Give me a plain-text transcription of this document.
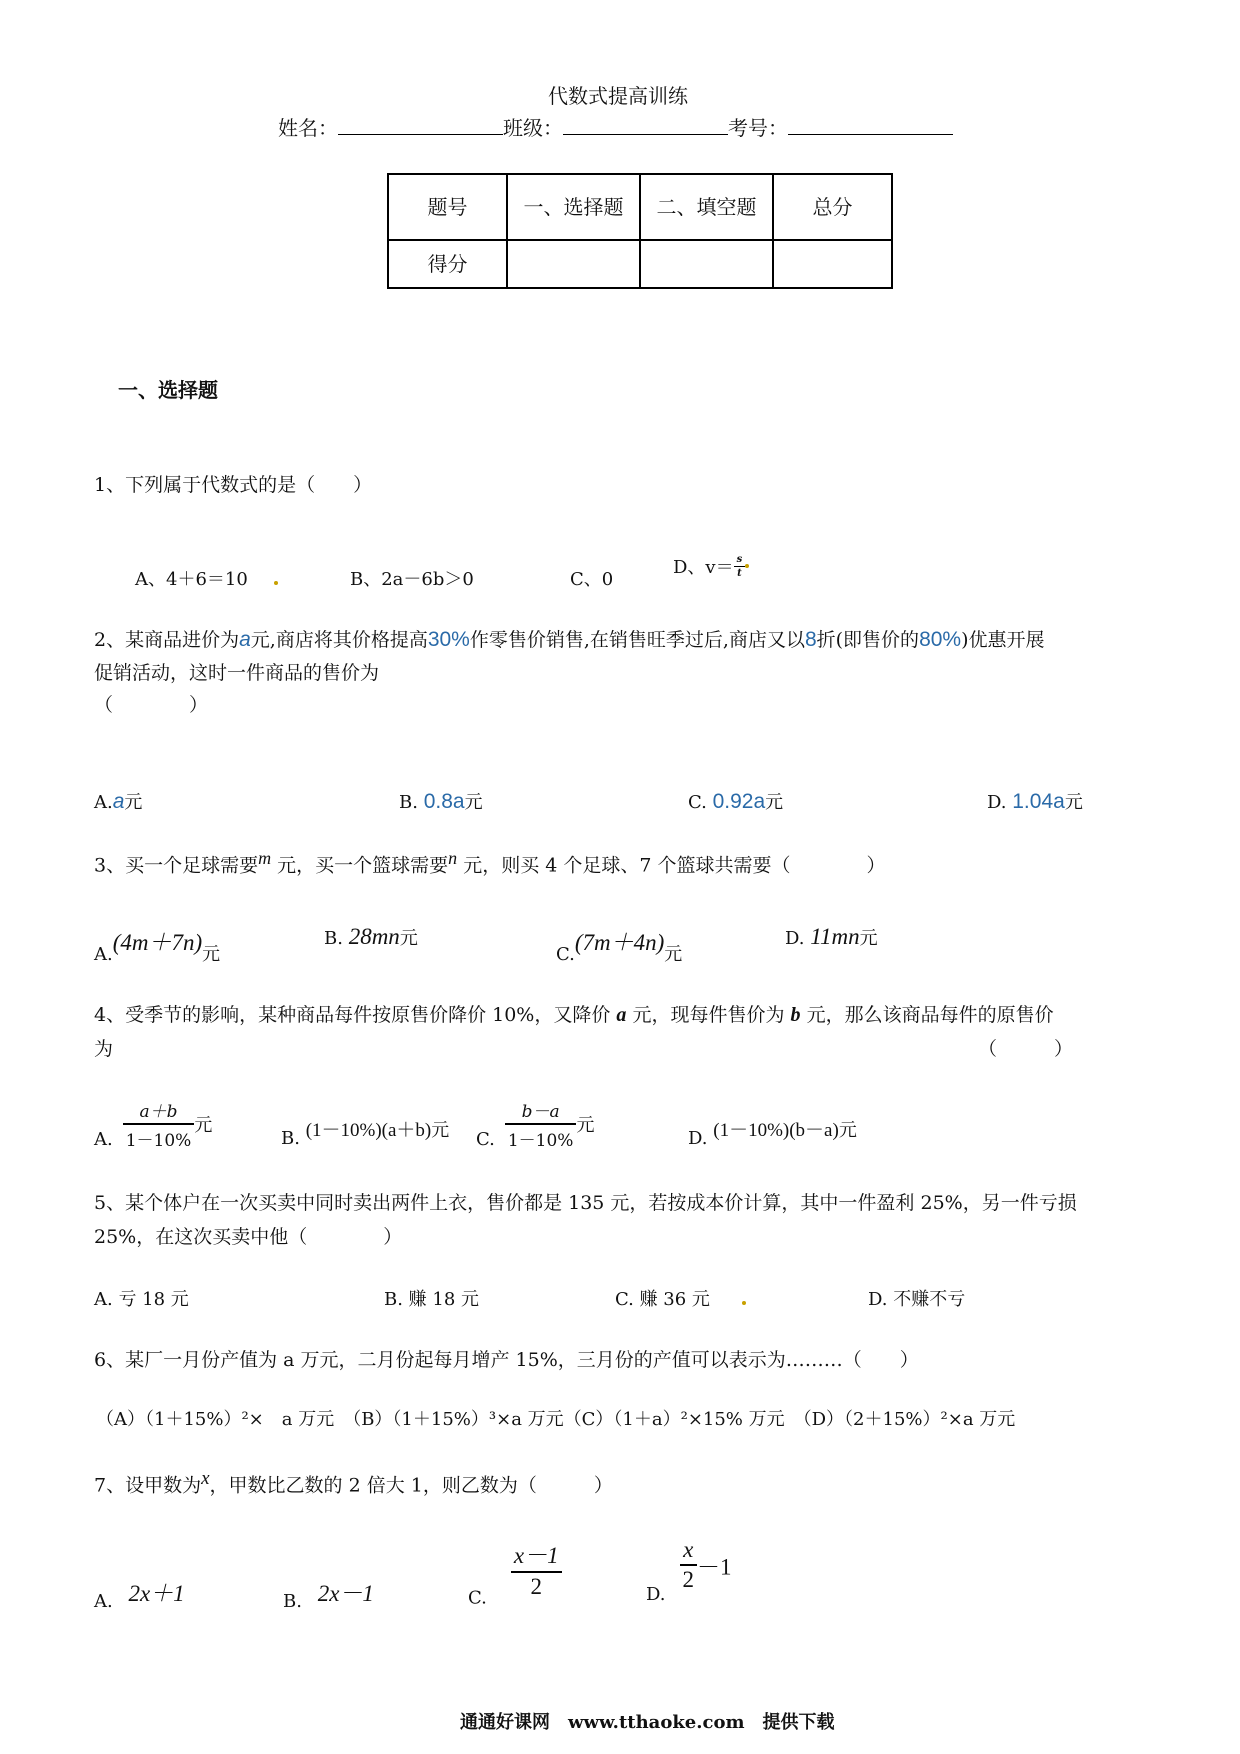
代数式提高训练
姓名：	班级：	考号：
题号	一、选择题	二、填空题	总分
得分			
一、选择题
1、下列属于代数式的是（　　）
A、4＋6＝10	B、2a－6b＞0	C、0
D、$v= \frac{s}{t}$
2、某商品进价为a元,商店将其价格提高30%作零售价销售,在销售旺季过后,商店又以8折(即售价的80%)优惠开展
促销活动，这时一件商品的售价为
（　　　　）
A.a元	B. 0.8a元	C. 0.92a元	D. 1.04a元
3、买一个足球需要m 元，买一个篮球需要n 元，则买 4 个足球、7 个篮球共需要（　　　　）
A.(4m＋7n)元
B. 28mn元
C.(7m＋4n)元
D. 11mn元
4、受季节的影响，某种商品每件按原售价降价 10%，又降价 a 元，现每件售价为 b 元，那么该商品每件的原售价
为	（　　　）
A. $\frac{a+b}{1-10\%}$ 元
B. (1－10%)(a＋b)元 C. $\frac{b-a}{1-10\%}$ 元
D. (1－10%)(b－a)元
5、某个体户在一次买卖中同时卖出两件上衣，售价都是 135 元，若按成本价计算，其中一件盈利 25%，另一件亏损
25%，在这次买卖中他（　　　　）
A. 亏 18 元	B. 赚 18 元	C. 赚 36 元	D. 不赚不亏
6、某厂一月份产值为 a 万元，二月份起每月增产 15%，三月份的产值可以表示为………（　　）
（A）（1＋15%）²×　a 万元　（B）（1＋15%）³×a 万元（C）（1＋a）²×15% 万元　（D）（2＋15%）²×a 万元
7、设甲数为x，甲数比乙数的 2 倍大 1，则乙数为（　　　）
A. 2x＋1	B. 2x－1	C. $\frac{x-1}{2}$	D.
$\frac{x}{2} -1$
通通好课网　www.tthaoke.com　提供下载
